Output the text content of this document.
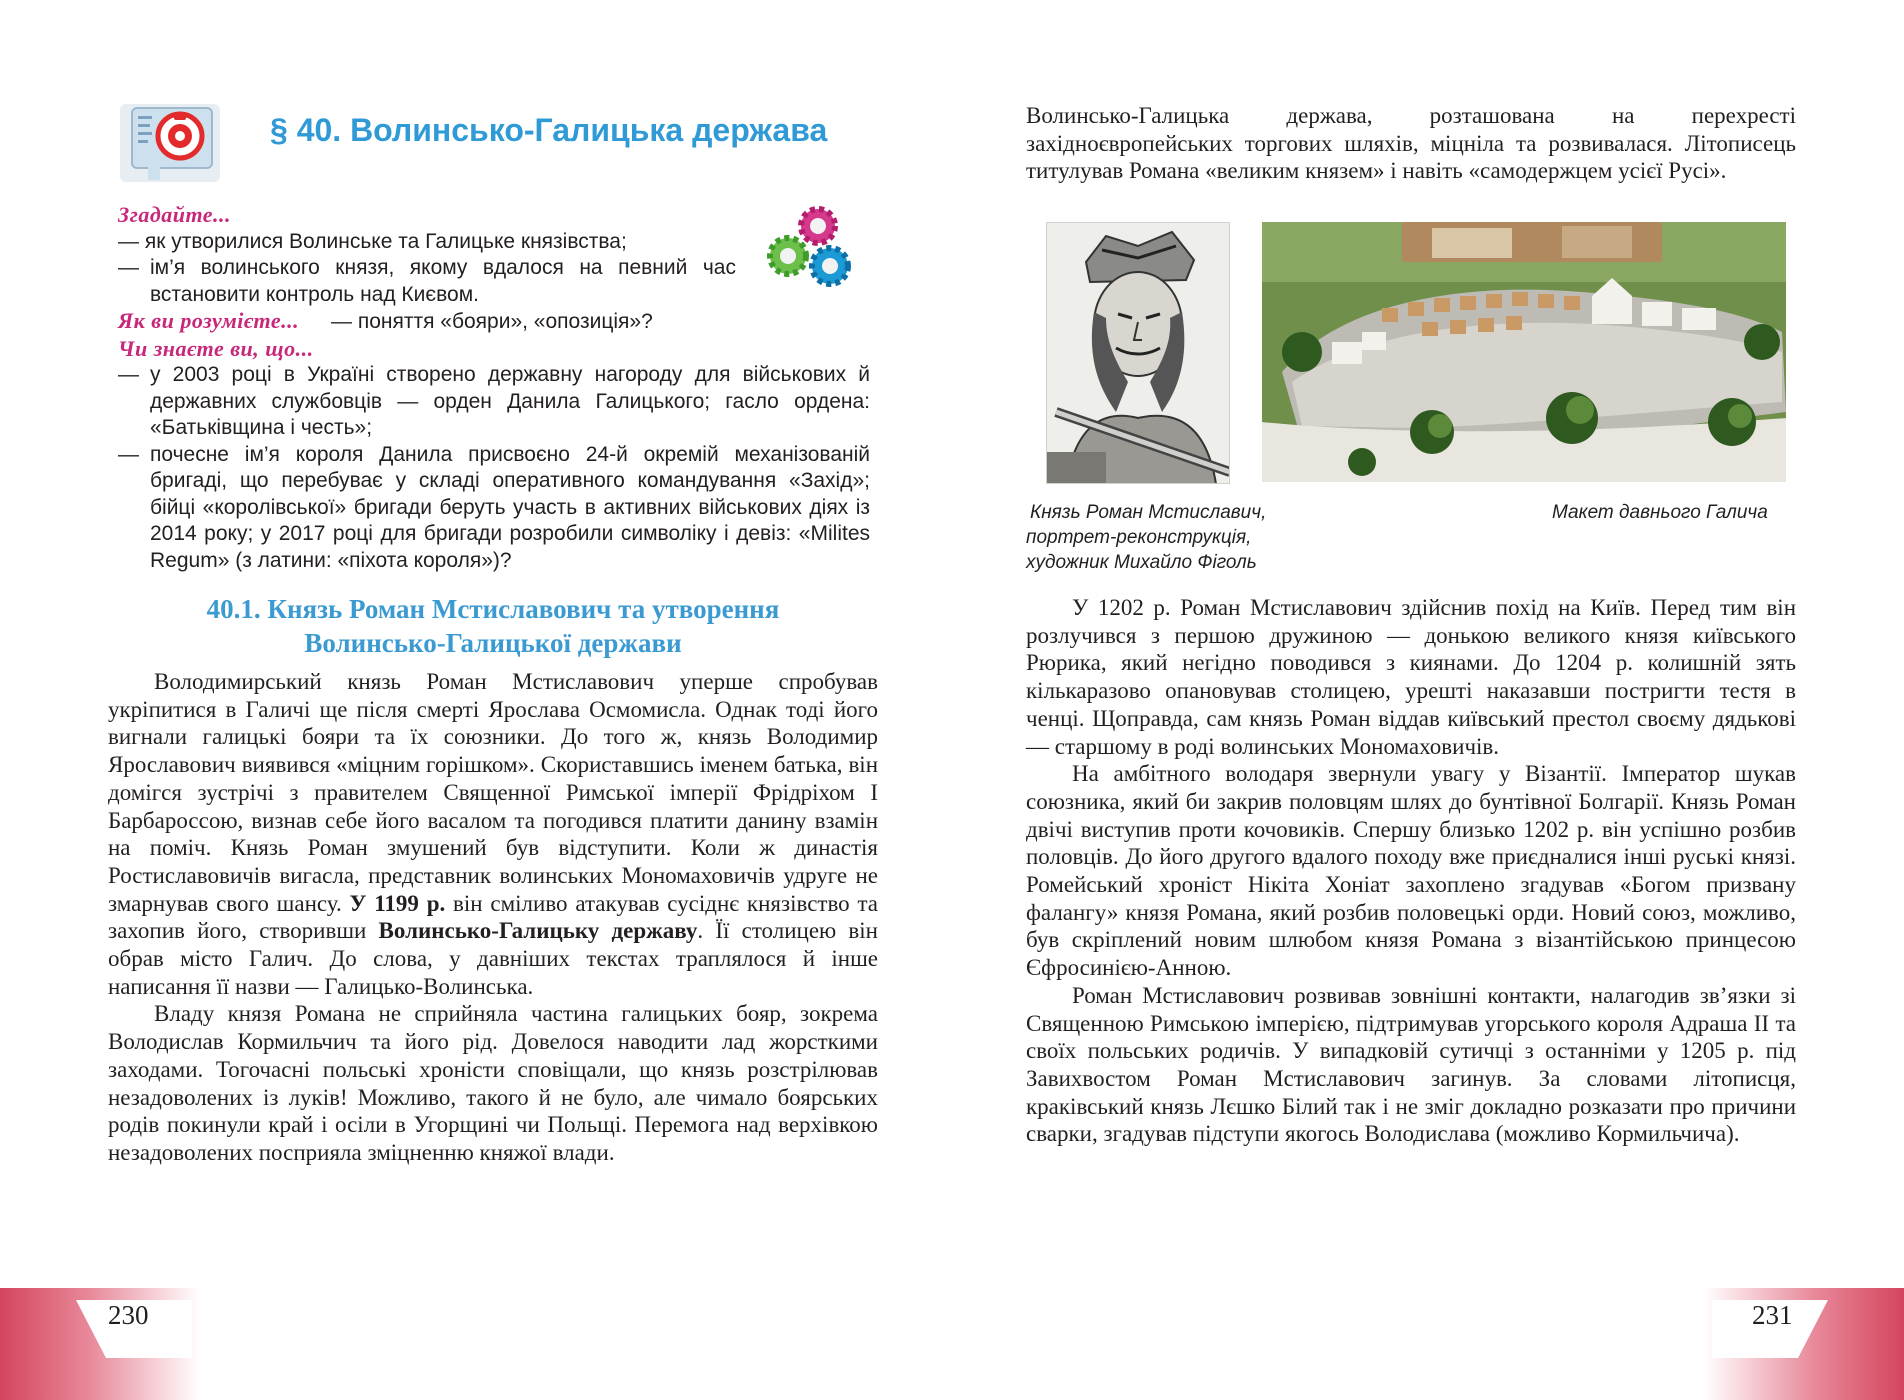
§ 40. Волинсько-Галицька держава
Згадайте...
— як утворилися Волинське та Галицьке князівства;
— ім’я волинського князя, якому вдалося на певний час встановити контроль над Києвом.
Як ви розумієте... — поняття «бояри», «опозиція»?
Чи знаєте ви, що...
— у 2003 році в Україні створено державну нагороду для військових й державних службовців — орден Данила Галицького; гасло ордена: «Батьківщина і честь»;
— почесне ім’я короля Данила присвоєно 24-й окремій механізованій бригаді, що перебуває у складі оперативного командування «Захід»; бійці «королівської» бригади беруть участь в активних військових діях із 2014 року; у 2017 році для бригади розробили символіку і девіз: «Militeѕ Regum» (з латини: «піхота короля»)?
40.1. Князь Роман Мстиславович та утворення
Волинсько-Галицької держави

Володимирський князь Роман Мстиславович уперше спробував укріпитися в Галичі ще після смерті Ярослава Осмомисла. Однак тоді його вигнали галицькі бояри та їх союзники. До того ж, князь Володимир Ярославович виявився «міцним горішком». Скориставшись іменем батька, він домігся зустрічі з правителем Священної Римської імперії Фрідріхом I Барбароссою, визнав себе його васалом та погодився платити данину взамін на поміч. Князь Роман змушений був відступити. Коли ж династія Ростиславовичів вигасла, представник волинських Мономаховичів удруге не змарнував свого шансу. У 1199 р. він сміливо атакував сусіднє князівство та захопив його, створивши Волинсько-Галицьку державу. Її столицею він обрав місто Галич. До слова, у давніших текстах траплялося й інше написання її назви — Галицько-Волинська.

Владу князя Романа не сприйняла частина галицьких бояр, зокрема Володислав Кормильчич та його рід. Довелося наводити лад жорсткими заходами. Тогочасні польські хроністи сповіщали, що князь розстрілював незадоволених із луків! Можливо, такого й не було, але чимало боярських родів покинули край і осіли в Угорщині чи Польщі. Перемога над верхівкою незадоволених посприяла зміцненню княжої влади.

230

Волинсько-Галицька держава, розташована на перехресті західноєвропейських торгових шляхів, міцніла та розвивалася. Літописець титулував Романа «великим князем» і навіть «самодержцем усієї Русі».

Князь Роман Мстиславич,
портрет-реконструкція,
художник Михайло Фіголь
Макет давнього Галича

У 1202 р. Роман Мстиславович здійснив похід на Київ. Перед тим він розлучився з першою дружиною — донькою великого князя київського Рюрика, який негідно поводився з киянами. До 1204 р. колишній зять кількаразово опановував столицею, урешті наказавши постригти тестя в ченці. Щоправда, сам князь Роман віддав київський престол своєму дядькові — старшому в роді волинських Мономаховичів.

На амбітного володаря звернули увагу у Візантії. Імператор шукав союзника, який би закрив половцям шлях до бунтівної Болгарії. Князь Роман двічі виступив проти кочовиків. Спершу близько 1202 р. він успішно розбив половців. До його другого вдалого походу вже приєдналися інші руські князі. Ромейський хроніст Нікіта Хоніат захоплено згадував «Богом призвану фалангу» князя Романа, який розбив половецькі орди. Новий союз, можливо, був скріплений новим шлюбом князя Романа з візантійською принцесою Єфросинією-Анною.

Роман Мстиславович розвивав зовнішні контакти, налагодив зв’язки зі Священною Римською імперією, підтримував угорського короля Адраша II та своїх польських родичів. У випадковій сутичці з останніми у 1205 р. під Завихвостом Роман Мстиславович загинув. За словами літописця, краківський князь Лєшко Білий так і не зміг докладно розказати про причини сварки, згадував підступи якогось Володислава (можливо Кормильчича).

231
